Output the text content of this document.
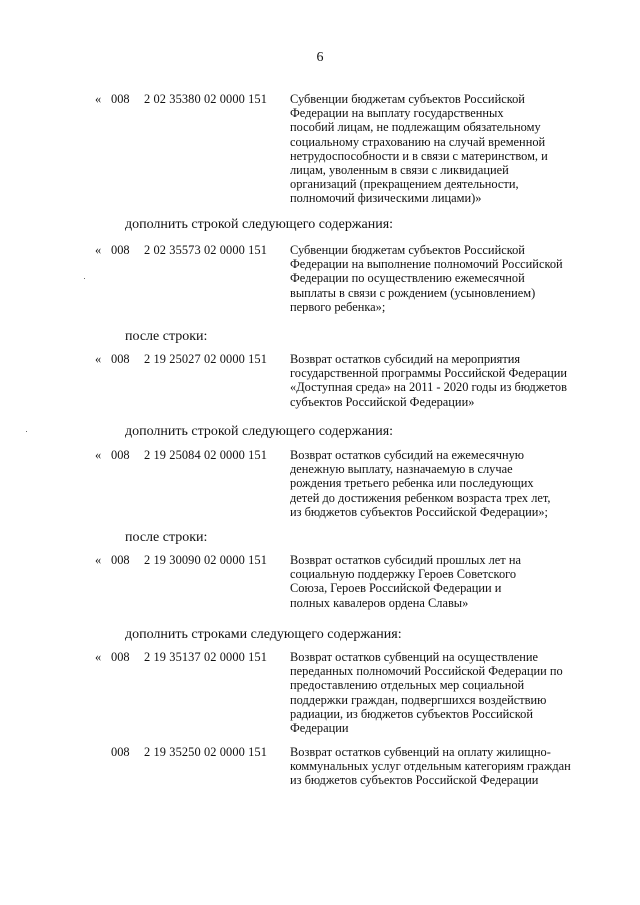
6
« 008 2 02 35380 02 0000 151 Субвенции бюджетам субъектов Российской
Федерации на выплату государственных
пособий лицам, не подлежащим обязательному
социальному страхованию на случай временной
нетрудоспособности и в связи с материнством, и
лицам, уволенным в связи с ликвидацией
организаций (прекращением деятельности,
полномочий физическими лицами)»
дополнить строкой следующего содержания:
« 008 2 02 35573 02 0000 151 Субвенции бюджетам субъектов Российской
Федерации на выполнение полномочий Российской
Федерации по осуществлению ежемесячной
выплаты в связи с рождением (усыновлением)
первого ребенка»;
после строки:
« 008 2 19 25027 02 0000 151 Возврат остатков субсидий на мероприятия
государственной программы Российской Федерации
«Доступная среда» на 2011 - 2020 годы из бюджетов
субъектов Российской Федерации»
дополнить строкой следующего содержания:
« 008 2 19 25084 02 0000 151 Возврат остатков субсидий на ежемесячную
денежную выплату, назначаемую в случае
рождения третьего ребенка или последующих
детей до достижения ребенком возраста трех лет,
из бюджетов субъектов Российской Федерации»;
после строки:
« 008 2 19 30090 02 0000 151 Возврат остатков субсидий прошлых лет на
социальную поддержку Героев Советского
Союза, Героев Российской Федерации и
полных кавалеров ордена Славы»
дополнить строками следующего содержания:
« 008 2 19 35137 02 0000 151 Возврат остатков субвенций на осуществление
переданных полномочий Российской Федерации по
предоставлению отдельных мер социальной
поддержки граждан, подвергшихся воздействию
радиации, из бюджетов субъектов Российской
Федерации
008 2 19 35250 02 0000 151 Возврат остатков субвенций на оплату жилищно-
коммунальных услуг отдельным категориям граждан
из бюджетов субъектов Российской Федерации
